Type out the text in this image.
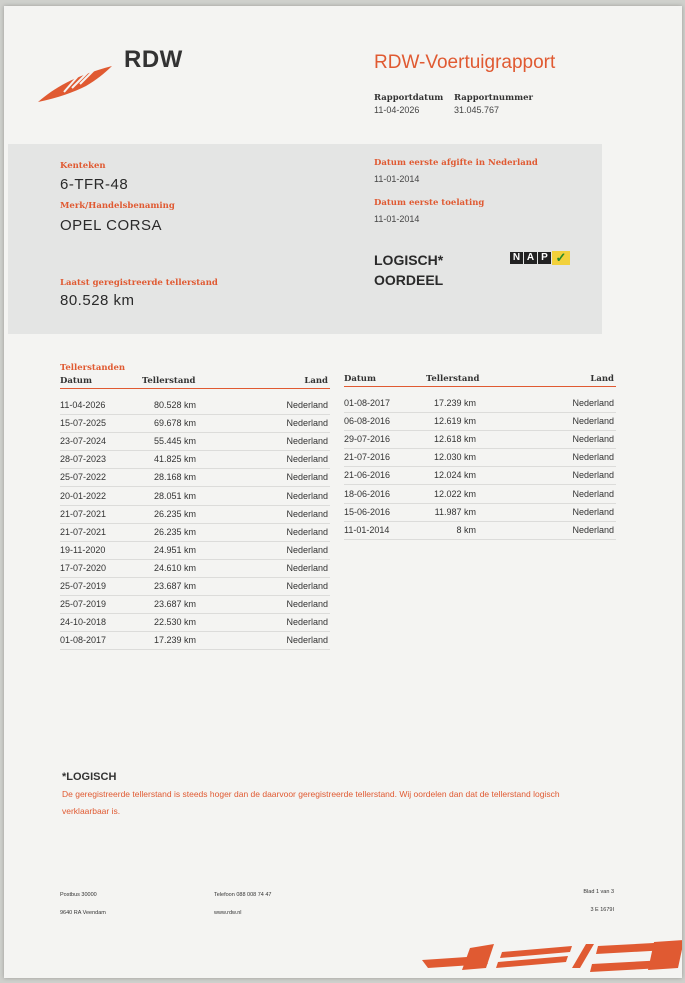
RDW	RDW-Voertuigrapport
Rapportdatum Rapportnummer
11-04-2026	31.045.767
Kenteken
6-TFR-48
Merk/Handelsbenaming
OPEL CORSA
Laatst geregistreerde tellerstand
80.528 km
Datum eerste afgifte in Nederland
11-01-2014
Datum eerste toelating
11-01-2014
LOGISCH*
OORDEEL
N A P ✓
Tellerstanden
Datum	Tellerstand	Land Datum	Tellerstand	Land
11-04-2026	80.528 km	Nederland
15-07-2025	69.678 km	Nederland
23-07-2024	55.445 km	Nederland
28-07-2023	41.825 km	Nederland
25-07-2022	28.168 km	Nederland
20-01-2022	28.051 km	Nederland
21-07-2021	26.235 km	Nederland
21-07-2021	26.235 km	Nederland
19-11-2020	24.951 km	Nederland
17-07-2020	24.610 km	Nederland
25-07-2019	23.687 km	Nederland
25-07-2019	23.687 km	Nederland
24-10-2018	22.530 km	Nederland
01-08-2017	17.239 km	Nederland
01-08-2017	17.239 km	Nederland
06-08-2016	12.619 km	Nederland
29-07-2016	12.618 km	Nederland
21-07-2016	12.030 km	Nederland
21-06-2016	12.024 km	Nederland
18-06-2016	12.022 km	Nederland
15-06-2016	11.987 km	Nederland
11-01-2014	8 km	Nederland
*LOGISCH
De geregistreerde tellerstand is steeds hoger dan de daarvoor geregistreerde tellerstand. Wij oordelen dan dat de tellerstand logisch verklaarbaar is.
Postbus 30000
9640 RA Veendam
Telefoon 088 008 74 47
www.rdw.nl
Blad 1 van 3
3 E 1679I
